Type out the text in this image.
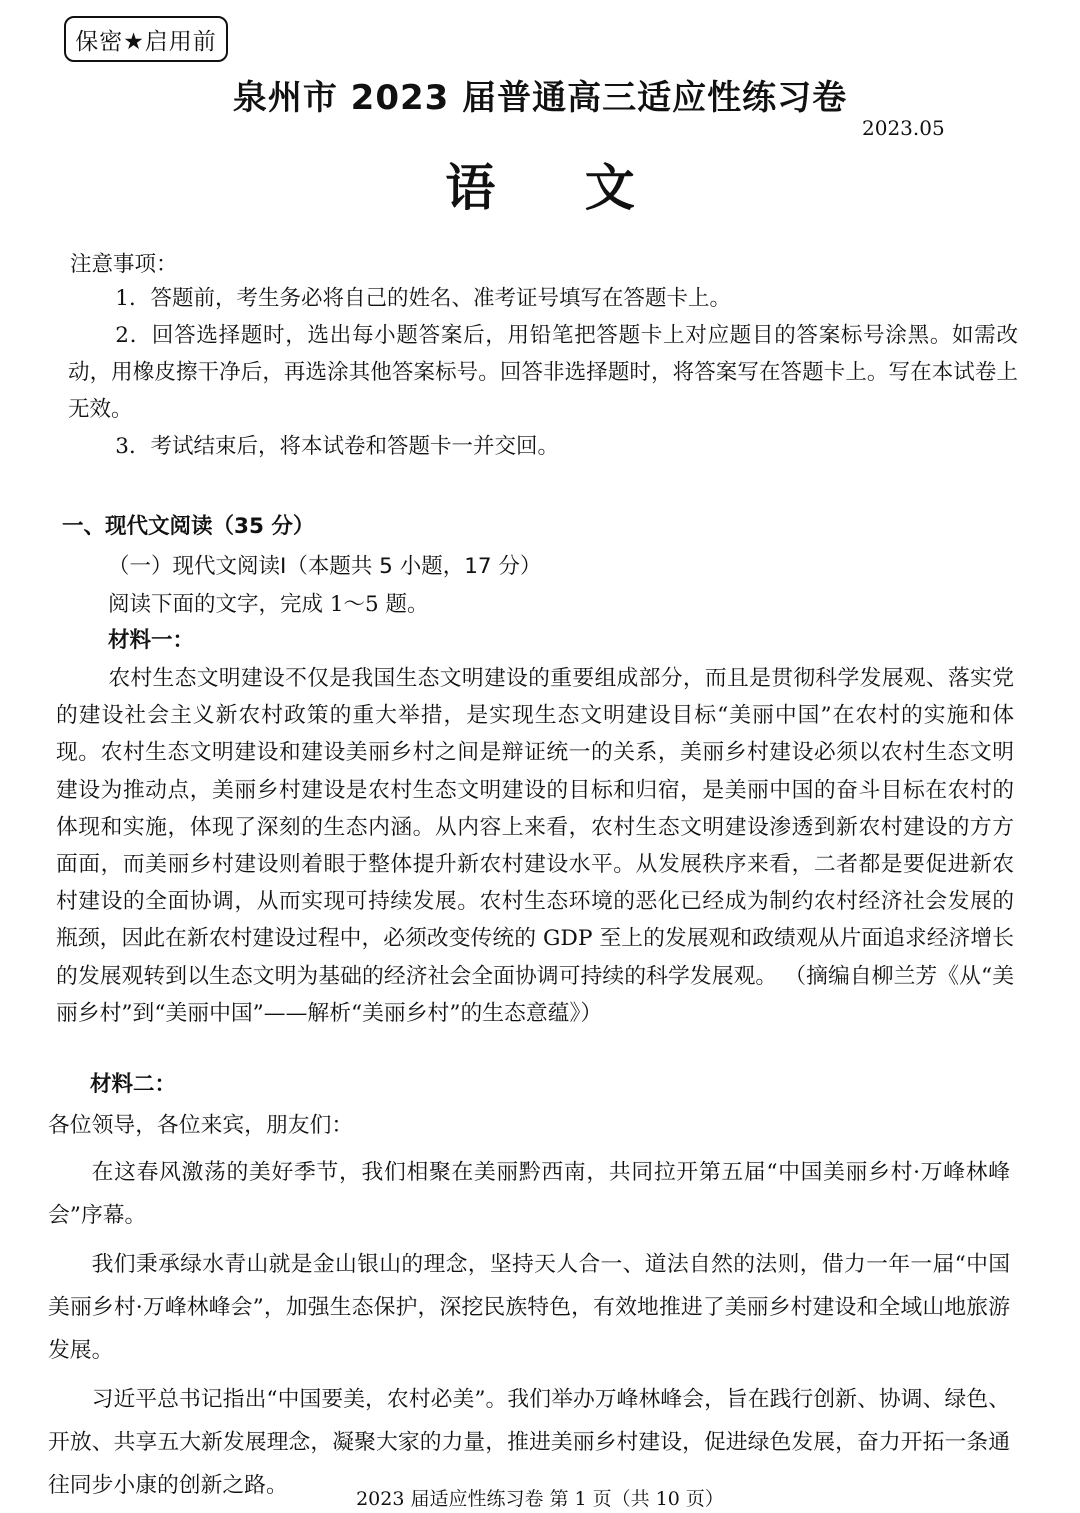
保密★启用前
泉州市 2023 届普通高三适应性练习卷
2023.05
语 文
注意事项：

1．答题前，考生务必将自己的姓名、准考证号填写在答题卡上。

2．回答选择题时，选出每小题答案后，用铅笔把答题卡上对应题目的答案标号涂黑。如需改动，用橡皮擦干净后，再选涂其他答案标号。回答非选择题时，将答案写在答题卡上。写在本试卷上无效。

3．考试结束后，将本试卷和答题卡一并交回。

一、现代文阅读（35 分）
（一）现代文阅读Ⅰ（本题共 5 小题，17 分）
阅读下面的文字，完成 1～5 题。
材料一：
农村生态文明建设不仅是我国生态文明建设的重要组成部分，而且是贯彻科学发展观、落实党的建设社会主义新农村政策的重大举措，是实现生态文明建设目标“美丽中国”在农村的实施和体现。农村生态文明建设和建设美丽乡村之间是辩证统一的关系，美丽乡村建设必须以农村生态文明建设为推动点，美丽乡村建设是农村生态文明建设的目标和归宿，是美丽中国的奋斗目标在农村的体现和实施，体现了深刻的生态内涵。从内容上来看，农村生态文明建设渗透到新农村建设的方方面面，而美丽乡村建设则着眼于整体提升新农村建设水平。从发展秩序来看，二者都是要促进新农村建设的全面协调，从而实现可持续发展。农村生态环境的恶化已经成为制约农村经济社会发展的瓶颈，因此在新农村建设过程中，必须改变传统的 GDP 至上的发展观和政绩观从片面追求经济增长的发展观转到以生态文明为基础的经济社会全面协调可持续的科学发展观。 （摘编自柳兰芳《从“美丽乡村”到“美丽中国”——解析“美丽乡村”的生态意蕴》）
材料二：

各位领导，各位来宾，朋友们：

在这春风激荡的美好季节，我们相聚在美丽黔西南，共同拉开第五届“中国美丽乡村·万峰林峰会”序幕。

我们秉承绿水青山就是金山银山的理念，坚持天人合一、道法自然的法则，借力一年一届“中国美丽乡村·万峰林峰会”，加强生态保护，深挖民族特色，有效地推进了美丽乡村建设和全域山地旅游发展。

习近平总书记指出“中国要美，农村必美”。我们举办万峰林峰会，旨在践行创新、协调、绿色、开放、共享五大新发展理念，凝聚大家的力量，推进美丽乡村建设，促进绿色发展，奋力开拓一条通往同步小康的创新之路。

2023 届适应性练习卷 第 1 页（共 10 页）
